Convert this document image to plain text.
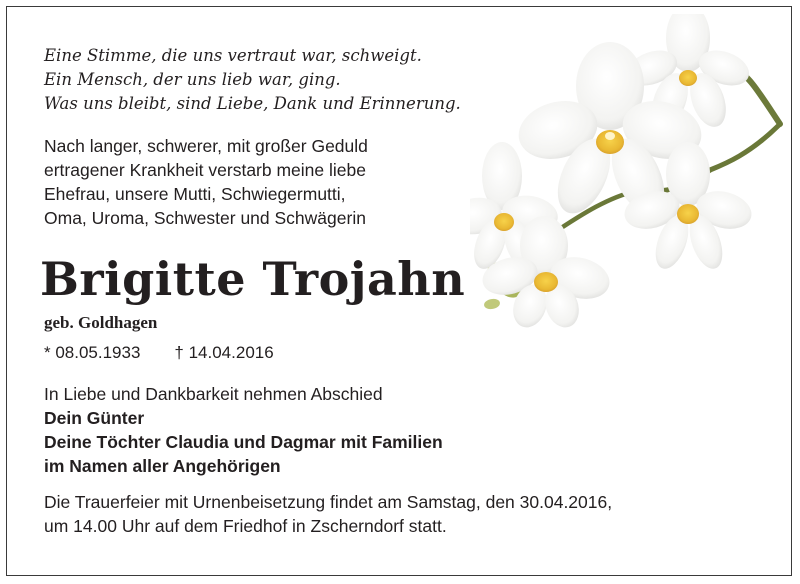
Eine Stimme, die uns vertraut war, schweigt.
Ein Mensch, der uns lieb war, ging.
Was uns bleibt, sind Liebe, Dank und Erinnerung.

Nach langer, schwerer, mit großer Geduld
ertragener Krankheit verstarb meine liebe
Ehefrau, unsere Mutti, Schwiegermutti,
Oma, Uroma, Schwester und Schwägerin

Brigitte Trojahn

geb. Goldhagen

* 08.05.1933 † 14.04.2016

In Liebe und Dankbarkeit nehmen Abschied
Dein Günter
Deine Töchter Claudia und Dagmar mit Familien
im Namen aller Angehörigen

Die Trauerfeier mit Urnenbeisetzung findet am Samstag, den 30.04.2016,
um 14.00 Uhr auf dem Friedhof in Zscherndorf statt.
